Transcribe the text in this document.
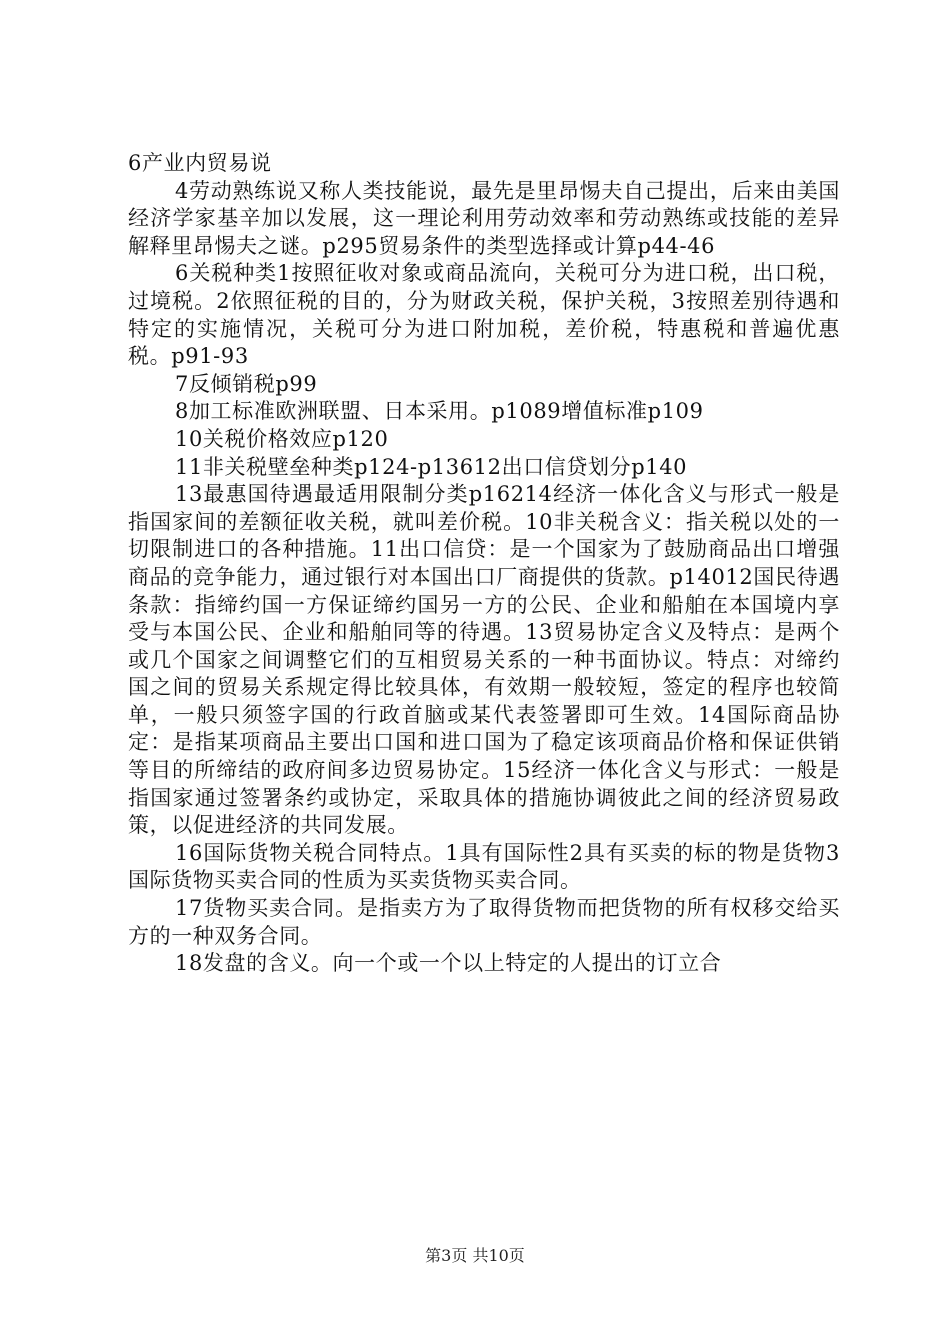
6产业内贸易说

4劳动熟练说又称人类技能说，最先是里昂惕夫自己提出，后来由美国经济学家基辛加以发展，这一理论利用劳动效率和劳动熟练或技能的差异解释里昂惕夫之谜。p295贸易条件的类型选择或计算p44-46

6关税种类1按照征收对象或商品流向，关税可分为进口税，出口税，过境税。2依照征税的目的，分为财政关税，保护关税，3按照差别待遇和特定的实施情况，关税可分为进口附加税，差价税，特惠税和普遍优惠税。p91-93

7反倾销税p99

8加工标准欧洲联盟、日本采用。p1089增值标准p109

10关税价格效应p120

11非关税壁垒种类p124-p13612出口信贷划分p140

13最惠国待遇最适用限制分类p16214经济一体化含义与形式一般是指国家间的差额征收关税，就叫差价税。10非关税含义：指关税以处的一切限制进口的各种措施。11出口信贷：是一个国家为了鼓励商品出口增强商品的竞争能力，通过银行对本国出口厂商提供的货款。p14012国民待遇条款：指缔约国一方保证缔约国另一方的公民、企业和船舶在本国境内享受与本国公民、企业和船舶同等的待遇。13贸易协定含义及特点：是两个或几个国家之间调整它们的互相贸易关系的一种书面协议。特点：对缔约国之间的贸易关系规定得比较具体，有效期一般较短，签定的程序也较简单，一般只须签字国的行政首脑或某代表签署即可生效。14国际商品协定：是指某项商品主要出口国和进口国为了稳定该项商品价格和保证供销等目的所缔结的政府间多边贸易协定。15经济一体化含义与形式：一般是指国家通过签署条约或协定，采取具体的措施协调彼此之间的经济贸易政策，以促进经济的共同发展。

16国际货物关税合同特点。1具有国际性2具有买卖的标的物是货物3国际货物买卖合同的性质为买卖货物买卖合同。

17货物买卖合同。是指卖方为了取得货物而把货物的所有权移交给买方的一种双务合同。

18发盘的含义。向一个或一个以上特定的人提出的订立合

第3页 共10页
